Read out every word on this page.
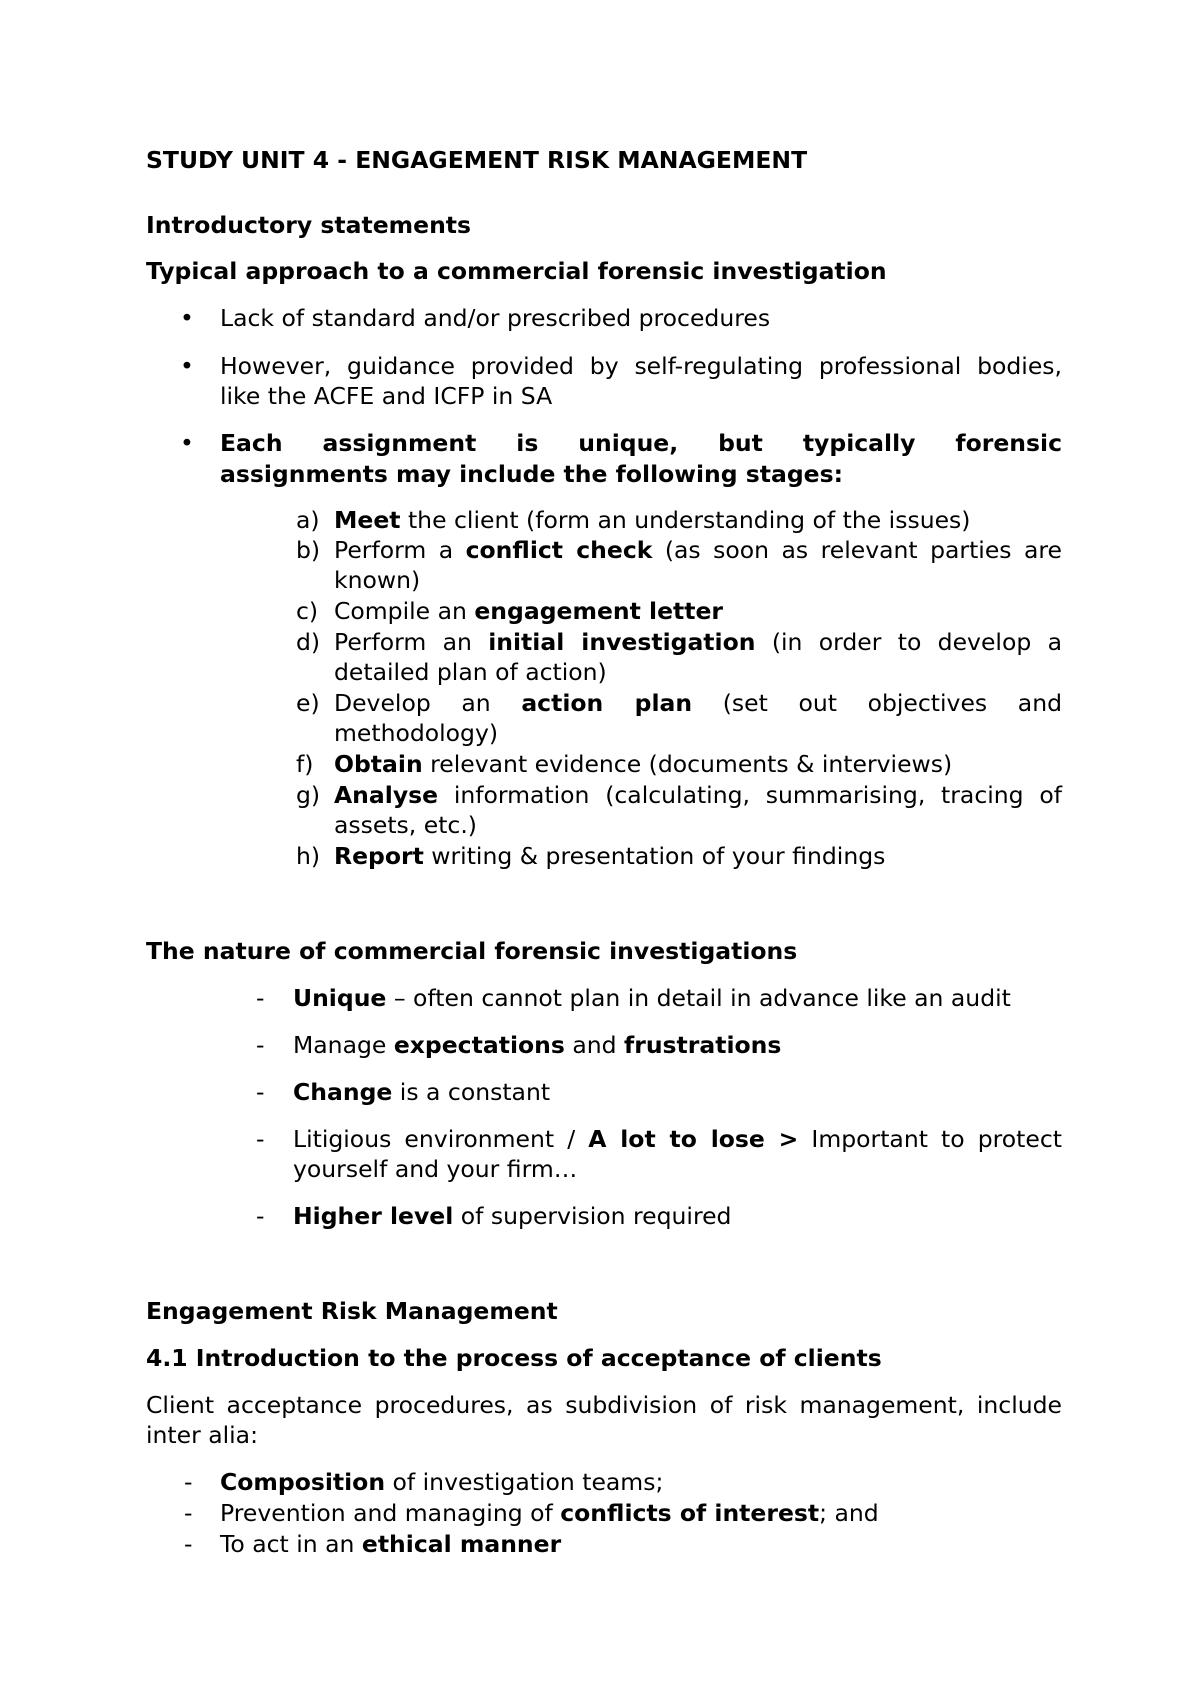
STUDY UNIT 4 - ENGAGEMENT RISK MANAGEMENT
Introductory statements
Typical approach to a commercial forensic investigation
• Lack of standard and/or prescribed procedures
• However, guidance provided by self-regulating professional bodies,
like the ACFE and ICFP in SA
• Each assignment is unique, but typically forensic
assignments may include the following stages:
a) Meet the client (form an understanding of the issues)
b) Perform a conflict check (as soon as relevant parties are
known)
c) Compile an engagement letter
d) Perform an initial investigation (in order to develop a
detailed plan of action)
e) Develop an action plan (set out objectives and
methodology)
f) Obtain relevant evidence (documents & interviews)
g) Analyse information (calculating, summarising, tracing of
assets, etc.)
h) Report writing & presentation of your findings
The nature of commercial forensic investigations
- Unique – often cannot plan in detail in advance like an audit
- Manage expectations and frustrations
- Change is a constant
- Litigious environment / A lot to lose > Important to protect
yourself and your firm…
- Higher level of supervision required
Engagement Risk Management
4.1 Introduction to the process of acceptance of clients
Client acceptance procedures, as subdivision of risk management, include
inter alia:
- Composition of investigation teams;
- Prevention and managing of conflicts of interest; and
- To act in an ethical manner
